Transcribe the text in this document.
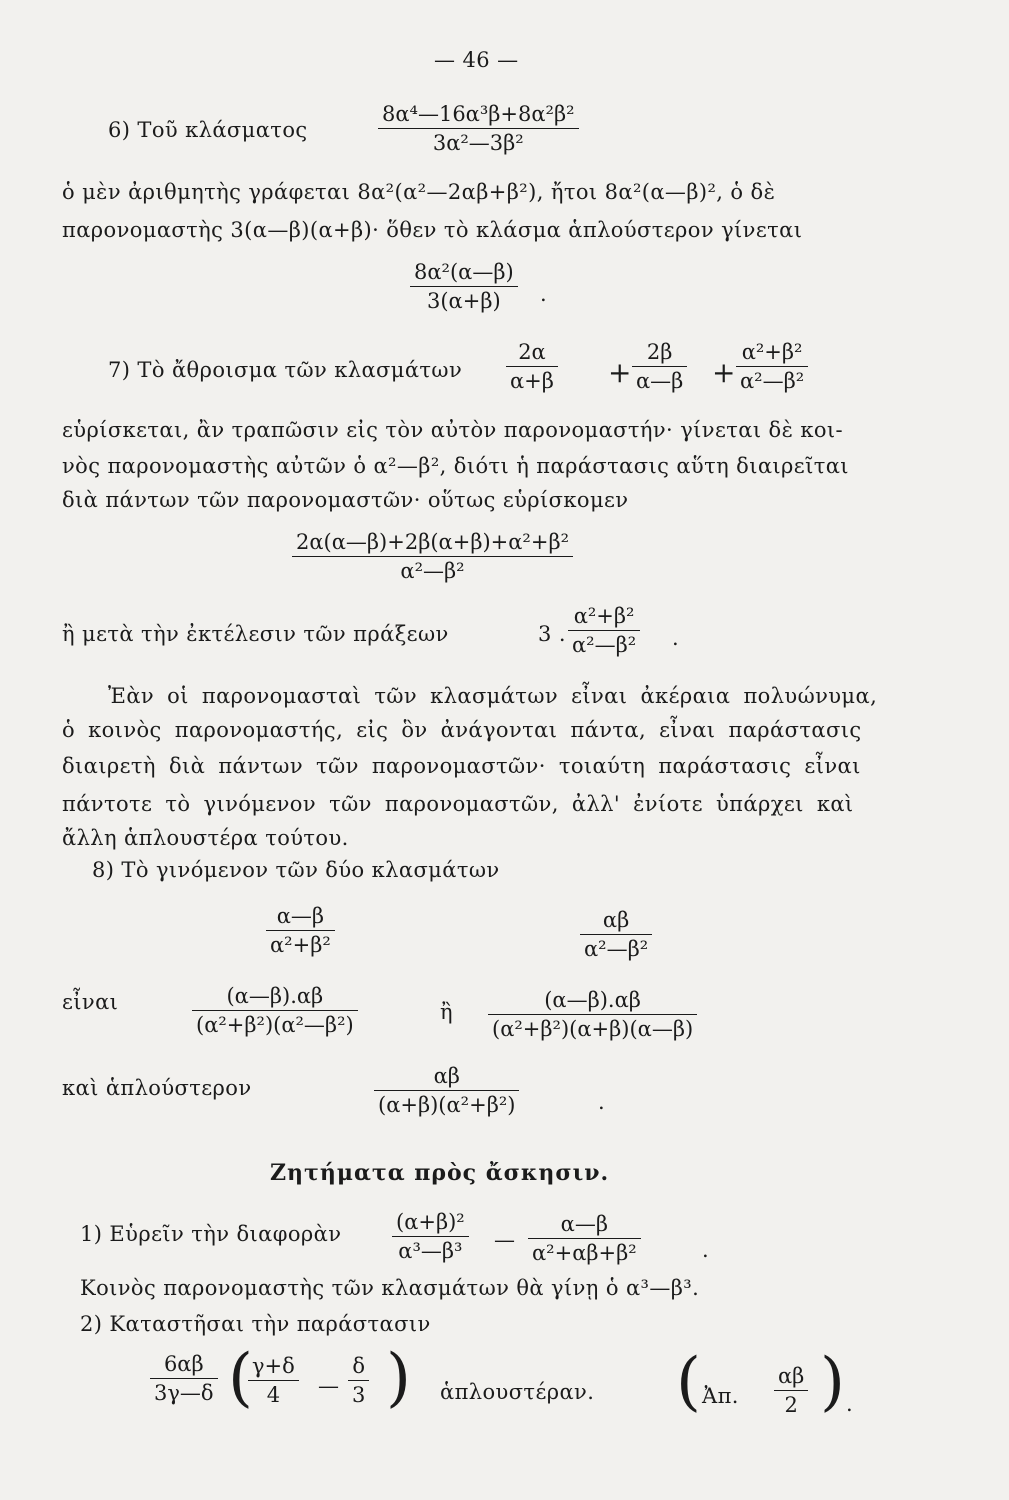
— 46 —
6) Τοῦ κλάσματος
8α⁴—16α³β+8α²β²
3α²—3β²
ὁ μὲν ἀριθμητὴς γράφεται 8α²(α²—2αβ+β²), ἤτοι 8α²(α—β)², ὁ δὲ
παρονομαστὴς 3(α—β)(α+β)· ὅθεν τὸ κλάσμα ἁπλούστερον γίνεται
8α²(α—β)
3(α+β) .
7) Τὸ ἄθροισμα τῶν κλασμάτων
2α
α+β +
2β
α—β +
α²+β²
α²—β²
εὑρίσκεται, ἂν τραπῶσιν εἰς τὸν αὐτὸν παρονομαστήν· γίνεται δὲ κοι-
νὸς παρονομαστὴς αὐτῶν ὁ α²—β², διότι ἡ παράστασις αὕτη διαιρεῖται
διὰ πάντων τῶν παρονομαστῶν· οὕτως εὑρίσκομεν
2α(α—β)+2β(α+β)+α²+β²
α²—β²
ἢ μετὰ τὴν ἐκτέλεσιν τῶν πράξεων	3 .
α²+β²
α²—β² .
Ἐὰν οἱ παρονομασταὶ τῶν κλασμάτων εἶναι ἀκέραια πολυώνυμα,
ὁ κοινὸς παρονομαστής, εἰς ὃν ἀνάγονται πάντα, εἶναι παράστασις
διαιρετὴ διὰ πάντων τῶν παρονομαστῶν· τοιαύτη παράστασις εἶναι
πάντοτε τὸ γινόμενον τῶν παρονομαστῶν, ἀλλ' ἐνίοτε ὑπάρχει καὶ
ἄλλη ἁπλουστέρα τούτου.
8) Τὸ γινόμενον τῶν δύο κλασμάτων
α—β
α²+β²
αβ
α²—β²
εἶναι	(α—β).αβ
(α²+β²)(α²—β²)
ἢ	(α—β).αβ
(α²+β²)(α+β)(α—β)
καὶ ἁπλούστερον	αβ
(α+β)(α²+β²)	.
Ζητήματα πρὸς ἄσκησιν.
1) Εὑρεῖν τὴν διαφορὰν	(α+β)²
α³—β³ —
α—β
α²+αβ+β²	.
Κοινὸς παρονομαστὴς τῶν κλασμάτων θὰ γίνῃ ὁ α³—β³.
2) Καταστῆσαι τὴν παράστασιν
6αβ
3γ—δ ( γ+δ
4 —
δ
3 ) ἁπλουστέραν. ( Ἀπ.
αβ
2 ) .
